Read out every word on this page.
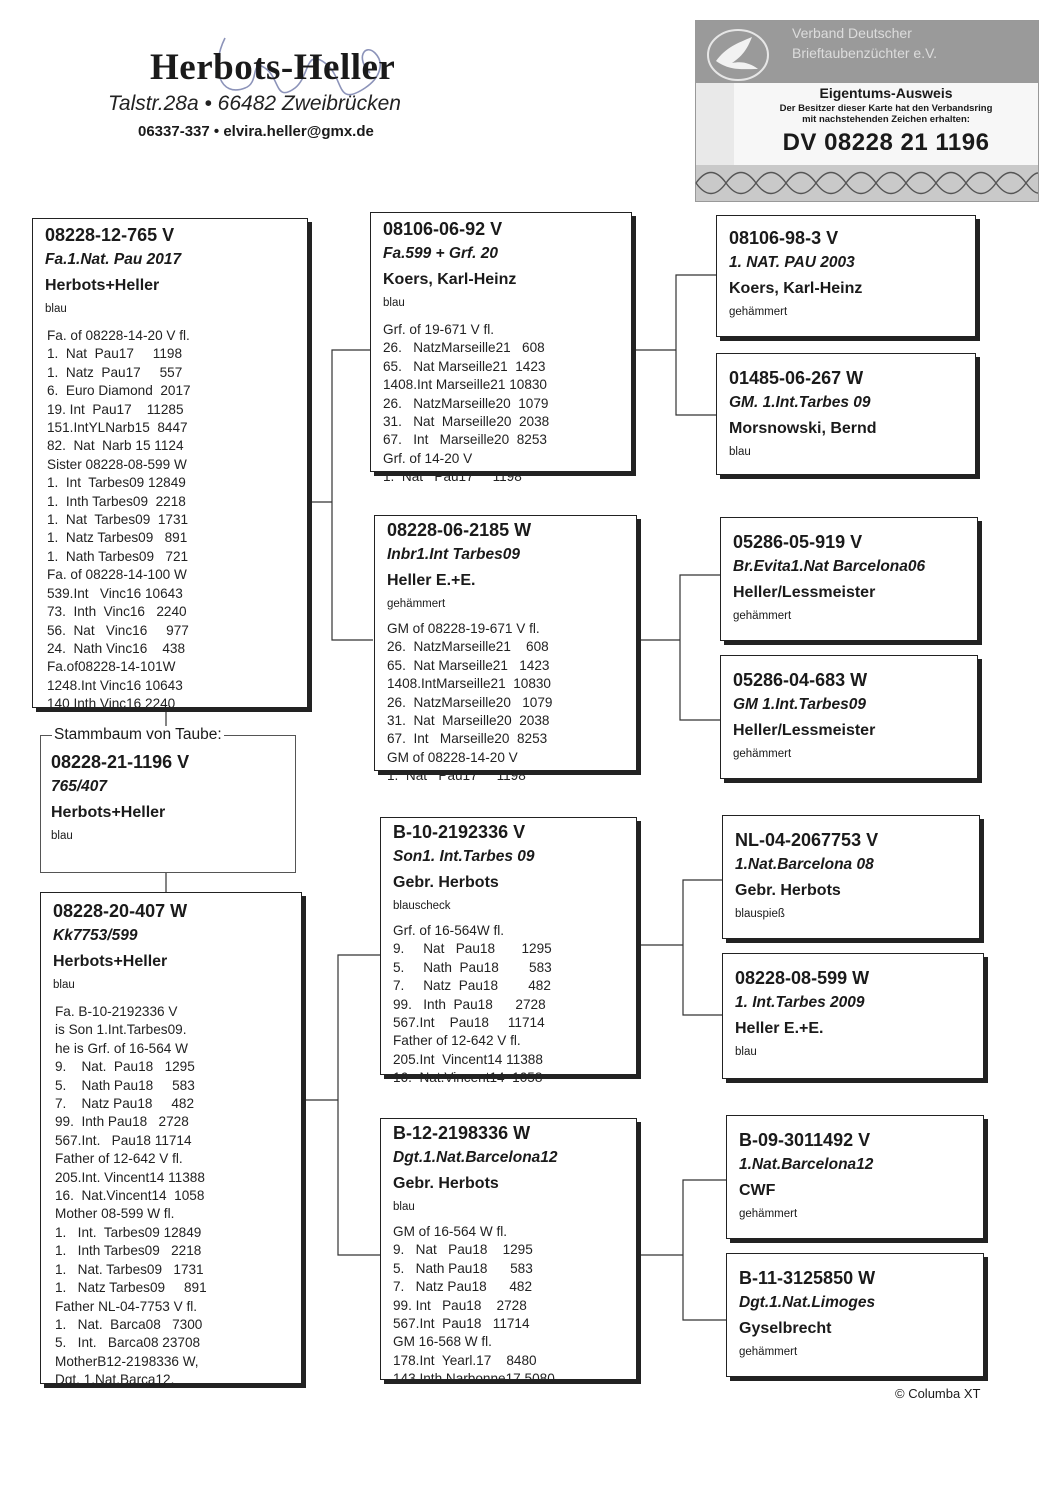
Herbots-Heller
Talstr.28a • 66482 Zweibrücken
06337-337 • elvira.heller@gmx.de
Verband Deutscher
Brieftaubenzüchter e.V.
Eigentums-Ausweis
Der Besitzer dieser Karte hat den Verbandsring
mit nachstehenden Zeichen erhalten:
DV 08228 21 1196
08228-12-765 V
Fa.1.Nat. Pau 2017
Herbots+Heller
blau
Fa. of 08228-14-20 V fl.
1.  Nat  Pau17     1198
1.  Natz  Pau17     557
6.  Euro Diamond  2017
19. Int  Pau17    11285
151.IntYLNarb15  8447
82.  Nat  Narb 15 1124
Sister 08228-08-599 W
1.  Int  Tarbes09 12849
1.  Inth Tarbes09  2218
1.  Nat  Tarbes09  1731
1.  Natz Tarbes09   891
1.  Nath Tarbes09   721
Fa. of 08228-14-100 W
539.Int   Vinc16 10643
73.  Inth  Vinc16   2240
56.  Nat   Vinc16     977
24.  Nath Vinc16    438
Fa.of08228-14-101W
1248.Int Vinc16 10643
140 Inth Vinc16 2240
08228-21-1196 V
765/407
Herbots+Heller
blau
Stammbaum von Taube:
08228-20-407 W
Kk7753/599
Herbots+Heller
blau
Fa. B-10-2192336 V
is Son 1.Int.Tarbes09.
he is Grf. of 16-564 W
9.    Nat.  Pau18   1295
5.    Nath Pau18     583
7.    Natz Pau18     482
99.  Inth Pau18   2728
567.Int.   Pau18 11714
Father of 12-642 V fl.
205.Int. Vincent14 11388
16.  Nat.Vincent14  1058
Mother 08-599 W fl.
1.   Int.  Tarbes09 12849
1.   Inth Tarbes09   2218
1.   Nat. Tarbes09   1731
1.   Natz Tarbes09     891
Father NL-04-7753 V fl.
1.   Nat.  Barca08   7300
5.   Int.   Barca08 23708
MotherB12-2198336 W,
Dgt. 1.Nat.Barca12.
08106-06-92 V
Fa.599 + Grf. 20
Koers, Karl-Heinz
blau
Grf. of 19-671 V fl.
26.   NatzMarseille21   608
65.   Nat Marseille21  1423
1408.Int Marseille21 10830
26.   NatzMarseille20  1079
31.   Nat  Marseille20  2038
67.   Int   Marseille20  8253
Grf. of 14-20 V
1.  Nat   Pau17     1198
08228-06-2185 W
Inbr1.Int Tarbes09
Heller E.+E.
gehämmert
GM of 08228-19-671 V fl.
26.  NatzMarseille21    608
65.  Nat Marseille21   1423
1408.IntMarseille21  10830
26.  NatzMarseille20   1079
31.  Nat  Marseille20  2038
67.  Int   Marseille20  8253
GM of 08228-14-20 V
1.  Nat   Pau17     1198
B-10-2192336 V
Son1. Int.Tarbes 09
Gebr. Herbots
blauscheck
Grf. of 16-564W fl.
9.     Nat   Pau18       1295
5.     Nath  Pau18        583
7.     Natz  Pau18        482
99.   Inth  Pau18      2728
567.Int    Pau18     11714
Father of 12-642 V fl.
205.Int  Vincent14 11388
16.  Nat.Vincent14  1058
B-12-2198336 W
Dgt.1.Nat.Barcelona12
Gebr. Herbots
blau
GM of 16-564 W fl.
9.   Nat   Pau18    1295
5.   Nath Pau18      583
7.   Natz Pau18      482
99. Int   Pau18    2728
567.Int  Pau18   11714
GM 16-568 W fl.
178.Int  Yearl.17    8480
143.Inth Narbonne17 5080
08106-98-3 V
1. NAT. PAU 2003
Koers, Karl-Heinz
gehämmert
01485-06-267 W
GM. 1.Int.Tarbes 09
Morsnowski, Bernd
blau
05286-05-919 V
Br.Evita1.Nat Barcelona06
Heller/Lessmeister
gehämmert
05286-04-683 W
GM 1.Int.Tarbes09
Heller/Lessmeister
gehämmert
NL-04-2067753 V
1.Nat.Barcelona 08
Gebr. Herbots
blauspieß
08228-08-599 W
1. Int.Tarbes 2009
Heller E.+E.
blau
B-09-3011492 V
1.Nat.Barcelona12
CWF
gehämmert
B-11-3125850 W
Dgt.1.Nat.Limoges
Gyselbrecht
gehämmert
© Columba XT
